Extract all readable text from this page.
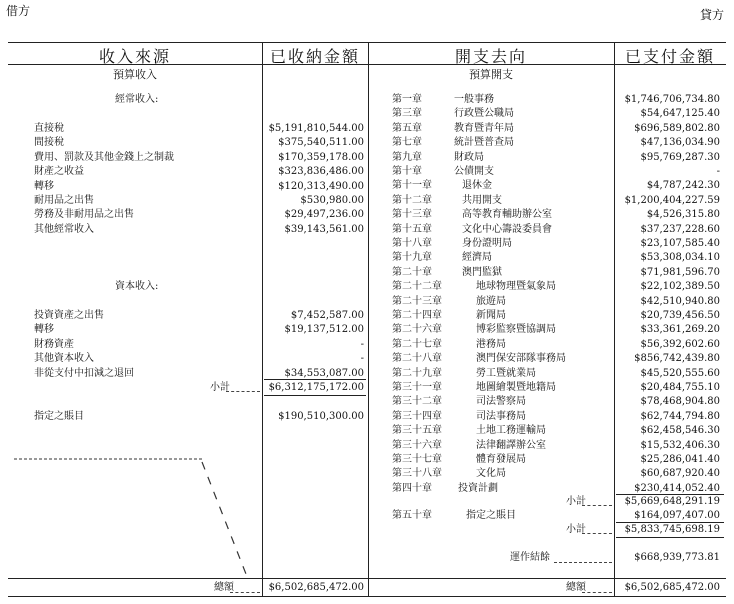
借方	貸方
收入來源	已收納金額	開支去向	已支付金額
預算收入	預算開支
經常收入:
直接稅	$5,191,810,544.00
間接稅	$375,540,511.00
費用、罰款及其他金錢上之制裁	$170,359,178.00
財產之收益	$323,836,486.00
轉移	$120,313,490.00
耐用品之出售	$530,980.00
勞務及非耐用品之出售	$29,497,236.00
其他經常收入	$39,143,561.00
資本收入:
投資資產之出售	$7,452,587.00
轉移	$19,137,512.00
財務資產	-
其他資本收入	-
非從支付中扣減之退回	$34,553,087.00
小計	$6,312,175,172.00
指定之賬目	$190,510,300.00
總額	$6,502,685,472.00
第一章	一般事務	$1,746,706,734.80
第三章	行政暨公職局	$54,647,125.40
第五章	教育暨青年局	$696,589,802.80
第七章	統計暨普查局	$47,136,034.90
第九章	財政局	$95,769,287.30
第十章	公債開支	-
第十一章	退休金	$4,787,242.30
第十二章	共用開支	$1,200,404,227.59
第十三章	高等教育輔助辦公室	$4,526,315.80
第十五章	文化中心籌設委員會	$37,237,228.60
第十八章	身份證明局	$23,107,585.40
第十九章	經濟局	$53,308,034.10
第二十章	澳門監獄	$71,981,596.70
第二十二章	地球物理暨氣象局	$22,102,389.50
第二十三章	旅遊局	$42,510,940.80
第二十四章	新聞局	$20,739,456.50
第二十六章	博彩監察暨協調局	$33,361,269.20
第二十七章	港務局	$56,392,602.60
第二十八章	澳門保安部隊事務局	$856,742,439.80
第二十九章	勞工暨就業局	$45,520,555.60
第三十一章	地圖繪製暨地籍局	$20,484,755.10
第三十二章	司法警察局	$78,468,904.80
第三十四章	司法事務局	$62,744,794.80
第三十五章	土地工務運輸局	$62,458,546.30
第三十六章	法律翻譯辦公室	$15,532,406.30
第三十七章	體育發展局	$25,286,041.40
第三十八章	文化局	$60,687,920.40
第四十章	投資計劃	$230,414,052.40
小計	$5,669,648,291.19
第五十章	指定之賬目	$164,097,407.00
小計	$5,833,745,698.19
運作結餘	$668,939,773.81
總額	$6,502,685,472.00
